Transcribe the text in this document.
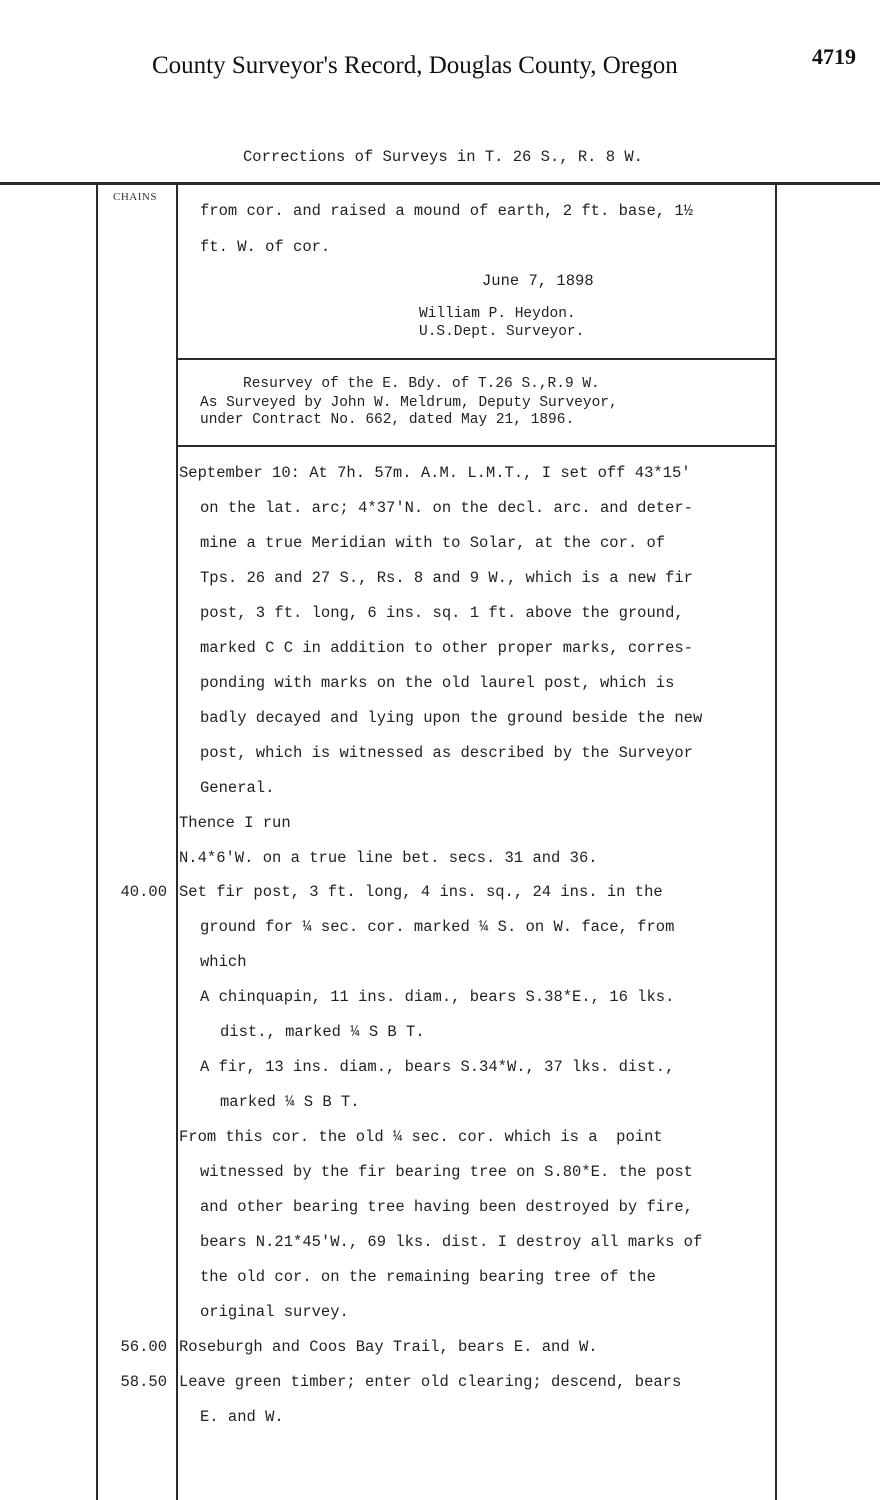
County Surveyor's Record, Douglas County, Oregon	4719
Corrections of Surveys in T. 26 S., R. 8 W.
CHAINS
from cor. and raised a mound of earth, 2 ft. base, 1½
ft. W. of cor.
June 7, 1898
William P. Heydon.
U.S.Dept. Surveyor.
Resurvey of the E. Bdy. of T.26 S.,R.9 W.
As Surveyed by John W. Meldrum, Deputy Surveyor,
under Contract No. 662, dated May 21, 1896.
September 10: At 7h. 57m. A.M. L.M.T., I set off 43*15'
on the lat. arc; 4*37'N. on the decl. arc. and deter-
mine a true Meridian with to Solar, at the cor. of
Tps. 26 and 27 S., Rs. 8 and 9 W., which is a new fir
post, 3 ft. long, 6 ins. sq. 1 ft. above the ground,
marked C C in addition to other proper marks, corres-
ponding with marks on the old laurel post, which is
badly decayed and lying upon the ground beside the new
post, which is witnessed as described by the Surveyor
General.
Thence I run
N.4*6'W. on a true line bet. secs. 31 and 36.
40.00 Set fir post, 3 ft. long, 4 ins. sq., 24 ins. in the
ground for ¼ sec. cor. marked ¼ S. on W. face, from
which
A chinquapin, 11 ins. diam., bears S.38*E., 16 lks.
dist., marked ¼ S B T.
A fir, 13 ins. diam., bears S.34*W., 37 lks. dist.,
marked ¼ S B T.
From this cor. the old ¼ sec. cor. which is a  point
witnessed by the fir bearing tree on S.80*E. the post
and other bearing tree having been destroyed by fire,
bears N.21*45'W., 69 lks. dist. I destroy all marks of
the old cor. on the remaining bearing tree of the
original survey.
56.00 Roseburgh and Coos Bay Trail, bears E. and W.
58.50 Leave green timber; enter old clearing; descend, bears
E. and W.
